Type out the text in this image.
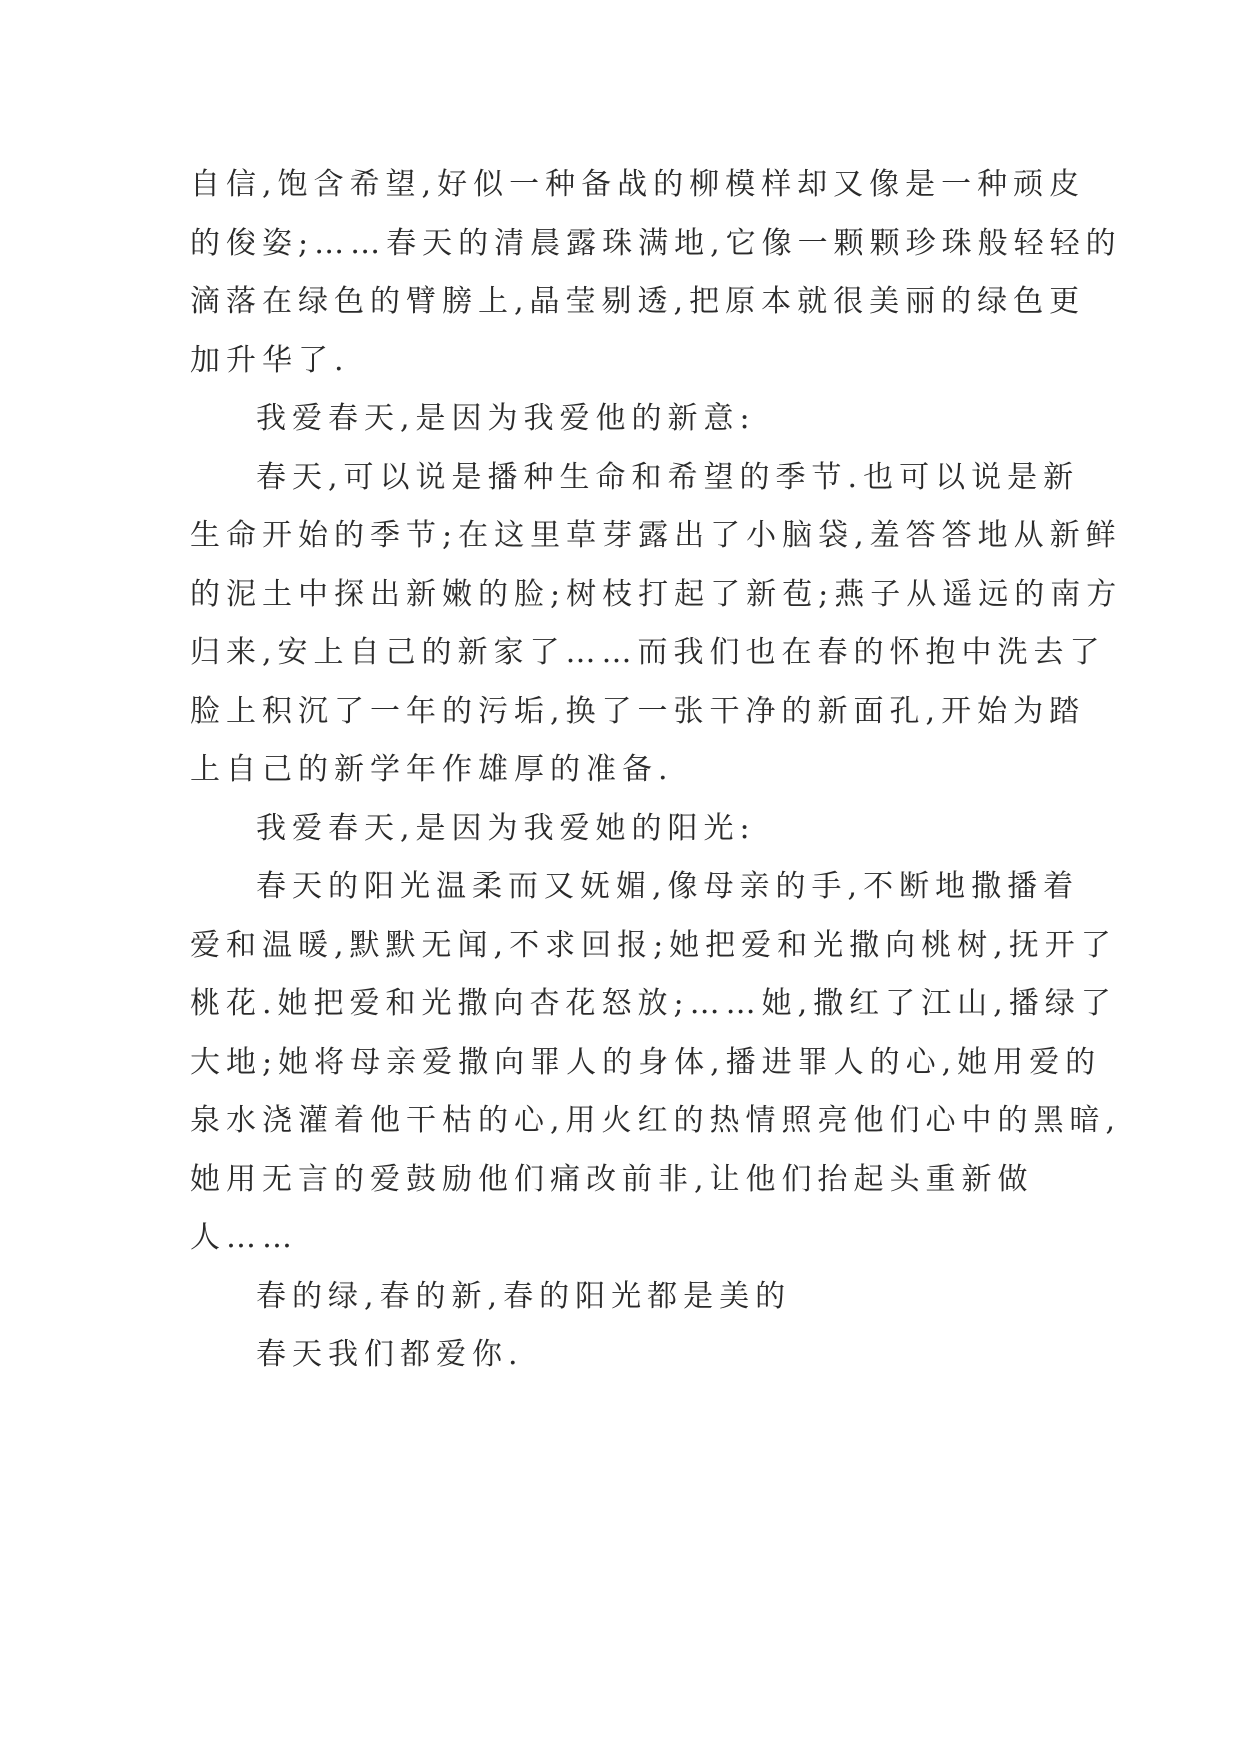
自信,饱含希望,好似一种备战的柳模样却又像是一种顽皮
的俊姿;……春天的清晨露珠满地,它像一颗颗珍珠般轻轻的
滴落在绿色的臂膀上,晶莹剔透,把原本就很美丽的绿色更
加升华了.

我爱春天,是因为我爱他的新意:

春天,可以说是播种生命和希望的季节.也可以说是新
生命开始的季节;在这里草芽露出了小脑袋,羞答答地从新鲜
的泥土中探出新嫩的脸;树枝打起了新苞;燕子从遥远的南方
归来,安上自己的新家了……而我们也在春的怀抱中洗去了
脸上积沉了一年的污垢,换了一张干净的新面孔,开始为踏
上自己的新学年作雄厚的准备.

我爱春天,是因为我爱她的阳光:

春天的阳光温柔而又妩媚,像母亲的手,不断地撒播着
爱和温暖,默默无闻,不求回报;她把爱和光撒向桃树,抚开了
桃花.她把爱和光撒向杏花怒放;……她,撒红了江山,播绿了
大地;她将母亲爱撒向罪人的身体,播进罪人的心,她用爱的
泉水浇灌着他干枯的心,用火红的热情照亮他们心中的黑暗,
她用无言的爱鼓励他们痛改前非,让他们抬起头重新做
人……

春的绿,春的新,春的阳光都是美的

春天我们都爱你.
